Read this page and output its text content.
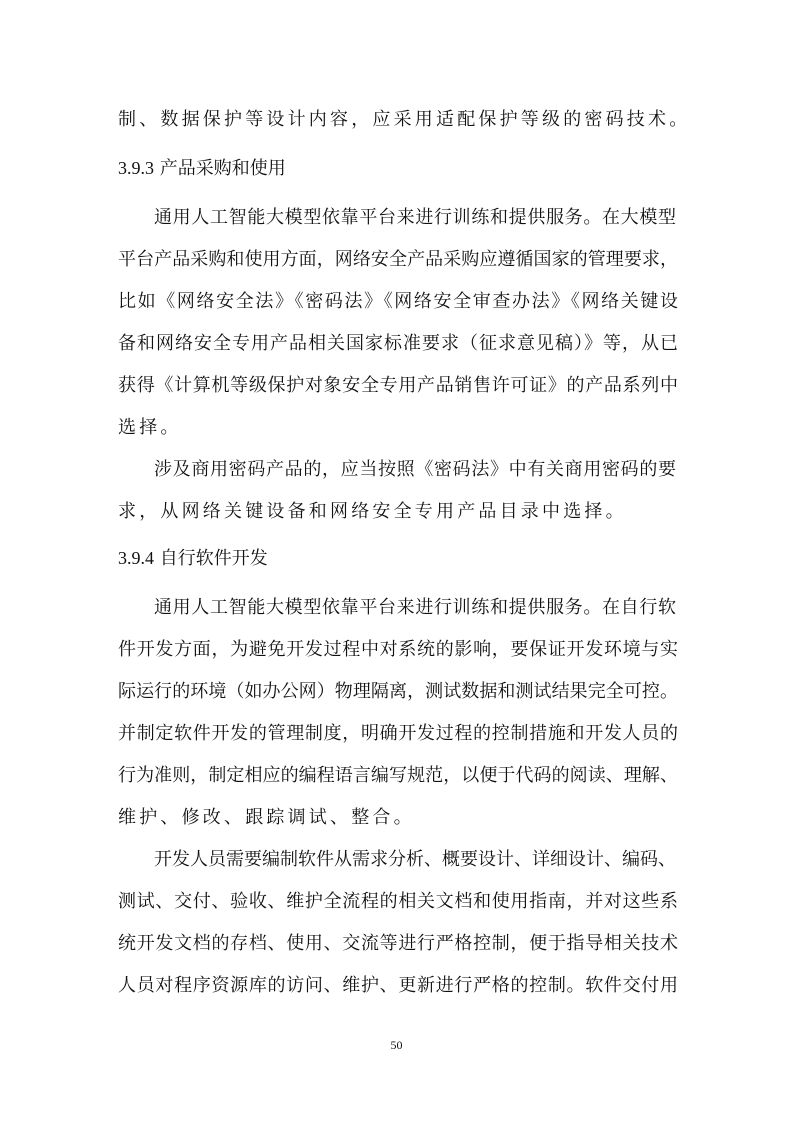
制、数据保护等设计内容，应采用适配保护等级的密码技术。
3.9.3 产品采购和使用
通用人工智能大模型依靠平台来进行训练和提供服务。在大模型
平台产品采购和使用方面，网络安全产品采购应遵循国家的管理要求，
比如《网络安全法》《密码法》《网络安全审查办法》《网络关键设
备和网络安全专用产品相关国家标准要求（征求意见稿）》等，从已
获得《计算机等级保护对象安全专用产品销售许可证》的产品系列中
选择。
涉及商用密码产品的，应当按照《密码法》中有关商用密码的要
求，从网络关键设备和网络安全专用产品目录中选择。
3.9.4 自行软件开发
通用人工智能大模型依靠平台来进行训练和提供服务。在自行软
件开发方面，为避免开发过程中对系统的影响，要保证开发环境与实
际运行的环境（如办公网）物理隔离，测试数据和测试结果完全可控。
并制定软件开发的管理制度，明确开发过程的控制措施和开发人员的
行为准则，制定相应的编程语言编写规范，以便于代码的阅读、理解、
维护、修改、跟踪调试、整合。
开发人员需要编制软件从需求分析、概要设计、详细设计、编码、
测试、交付、验收、维护全流程的相关文档和使用指南，并对这些系
统开发文档的存档、使用、交流等进行严格控制，便于指导相关技术
人员对程序资源库的访问、维护、更新进行严格的控制。软件交付用
50
